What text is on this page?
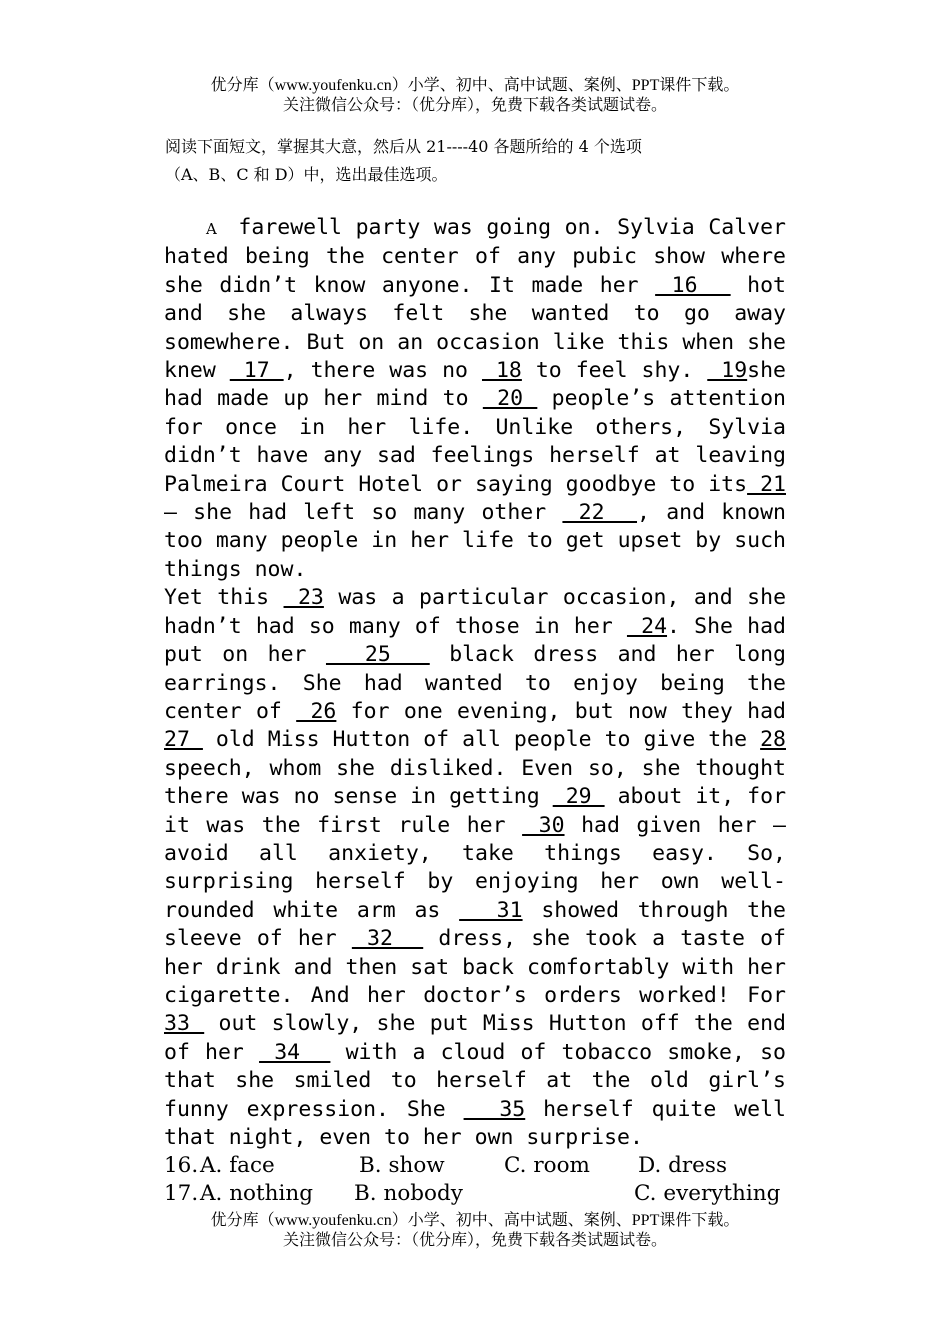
优分库（www.youfenku.cn）小学、初中、高中试题、案例、PPT课件下载。
关注微信公众号：（优分库），免费下载各类试题试卷。
阅读下面短文，掌握其大意，然后从 21----40 各题所给的 4 个选项
（A、B、C 和 D）中，选出最佳选项。

A farewell party was going on. Sylvia Calver hated being the center of any pubic show where she didn’t know anyone. It made her  16   hot and she always felt she wanted to go away somewhere. But on an occasion like this when she knew  17 , there was no  18 to feel shy.  19she had made up her mind to  20  people’s attention for once in her life. Unlike others, Sylvia didn’t have any sad feelings herself at leaving Palmeira Court Hotel or saying goodbye to its 21 — she had left so many other  22  , and known too many people in her life to get upset by such things now.

Yet this  23 was a particular occasion, and she hadn’t had so many of those in her  24. She had put on her   25   black dress and her long earrings. She had wanted to enjoy being the center of  26 for one evening, but now they had 27  old Miss Hutton of all people to give the 28 speech, whom she disliked. Even so, she thought there was no sense in getting  29  about it, for it was the first rule her  30 had given her — avoid all anxiety, take things easy. So, surprising herself by enjoying her own well-rounded white arm as   31 showed through the sleeve of her  32   dress, she took a taste of her drink and then sat back comfortably with her cigarette. And her doctor’s orders worked! For 33  out slowly, she put Miss Hutton off the end of her  34   with a cloud of tobacco smoke, so that she smiled to herself at the old girl’s funny expression. She   35 herself quite well that night, even to her own surprise.

16. A. face	B. show	C. room D. dress
17. A. nothing B. nobody	C. everything
优分库（www.youfenku.cn）小学、初中、高中试题、案例、PPT课件下载。
关注微信公众号：（优分库），免费下载各类试题试卷。
